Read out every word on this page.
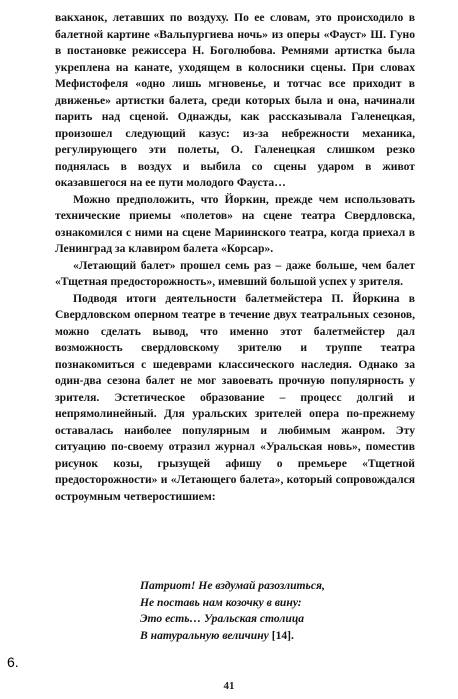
вакханок, летавших по воздуху. По ее словам, это происходило в балетной картине «Вальпургиева ночь» из оперы «Фауст» Ш. Гуно в постановке режиссера Н. Боголюбова. Ремнями артистка была укреплена на канате, уходящем в колосники сцены. При словах Мефистофеля «одно лишь мгновенье, и тотчас все приходит в движенье» артистки балета, среди которых была и она, начинали парить над сценой. Однажды, как рассказывала Галенецкая, произошел следующий казус: из-за небрежности механика, регулирующего эти полеты, О. Галенецкая слишком резко поднялась в воздух и выбила со сцены ударом в живот оказавшегося на ее пути молодого Фауста…

Можно предположить, что Йоркин, прежде чем использовать технические приемы «полетов» на сцене театра Свердловска, ознакомился с ними на сцене Мариинского театра, когда приехал в Ленинград за клавиром балета «Корсар».

«Летающий балет» прошел семь раз – даже больше, чем балет «Тщетная предосторожность», имевший большой успех у зрителя.

Подводя итоги деятельности балетмейстера П. Йоркина в Свердловском оперном театре в течение двух театральных сезонов, можно сделать вывод, что именно этот балетмейстер дал возможность свердловскому зрителю и труппе театра познакомиться с шедеврами классического наследия. Однако за один-два сезона балет не мог завоевать прочную популярность у зрителя. Эстетическое образование – процесс долгий и непрямолинейный. Для уральских зрителей опера по-прежнему оставалась наиболее популярным и любимым жанром. Эту ситуацию по-своему отразил журнал «Уральская новь», поместив рисунок козы, грызущей афишу о премьере «Тщетной предосторожности» и «Летающего балета», который сопровождался остроумным четверостишием:

Патриот! Не вздумай разозлиться,
Не поставь нам козочку в вину:
Это есть… Уральская столица
В натуральную величину [14].
6.
41
